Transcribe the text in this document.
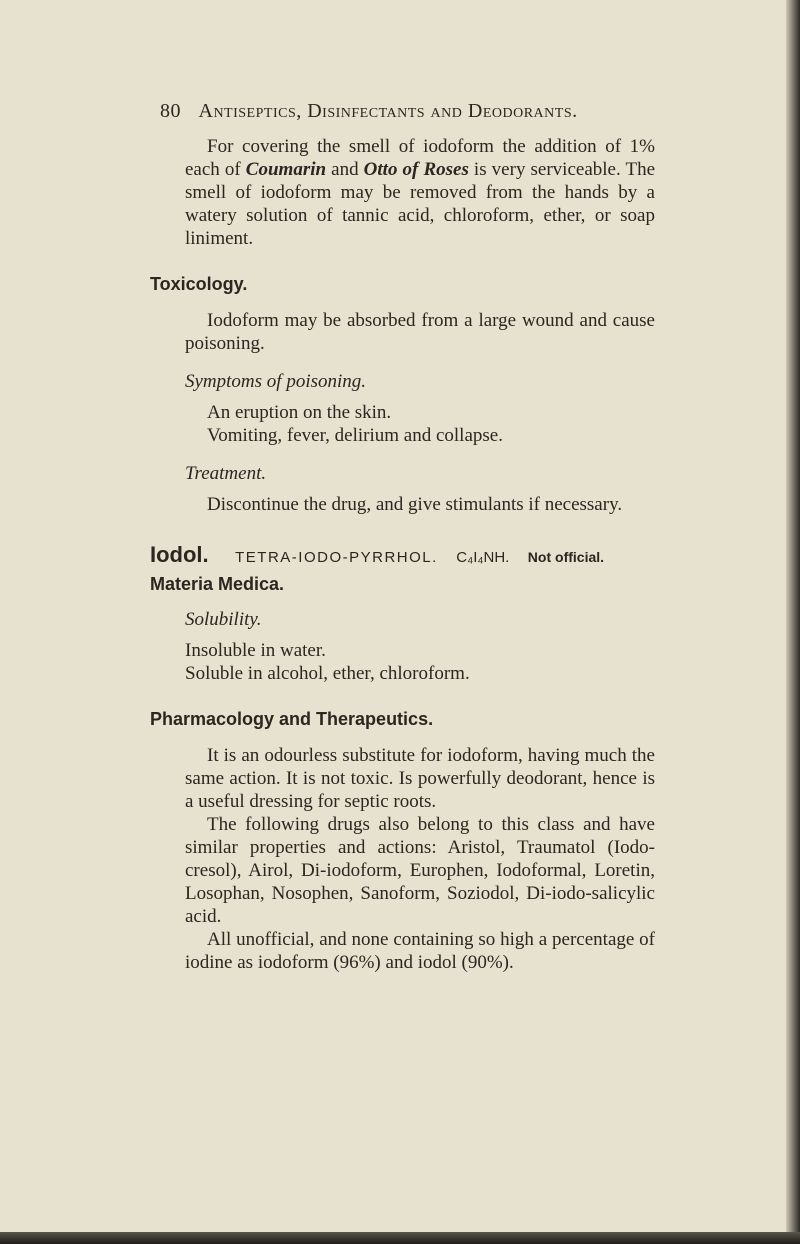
80 Antiseptics, Disinfectants and Deodorants.

For covering the smell of iodoform the addition of 1% each of Coumarin and Otto of Roses is very serviceable. The smell of iodoform may be removed from the hands by a watery solution of tannic acid, chloroform, ether, or soap liniment.

Toxicology.

Iodoform may be absorbed from a large wound and cause poisoning.

Symptoms of poisoning.

An eruption on the skin.

Vomiting, fever, delirium and collapse.

Treatment.

Discontinue the drug, and give stimulants if necessary.

Iodol. TETRA-IODO-PYRRHOL. C₄I₄NH. Not official.
Materia Medica.
Solubility.

Insoluble in water.

Soluble in alcohol, ether, chloroform.

Pharmacology and Therapeutics.

It is an odourless substitute for iodoform, having much the same action. It is not toxic. Is powerfully deodorant, hence is a useful dressing for septic roots.

The following drugs also belong to this class and have similar properties and actions: Aristol, Traumatol (Iodo-cresol), Airol, Di-iodoform, Europhen, Iodoformal, Loretin, Losophan, Nosophen, Sanoform, Soziodol, Di-iodo-salicylic acid.

All unofficial, and none containing so high a percentage of iodine as iodoform (96%) and iodol (90%).
